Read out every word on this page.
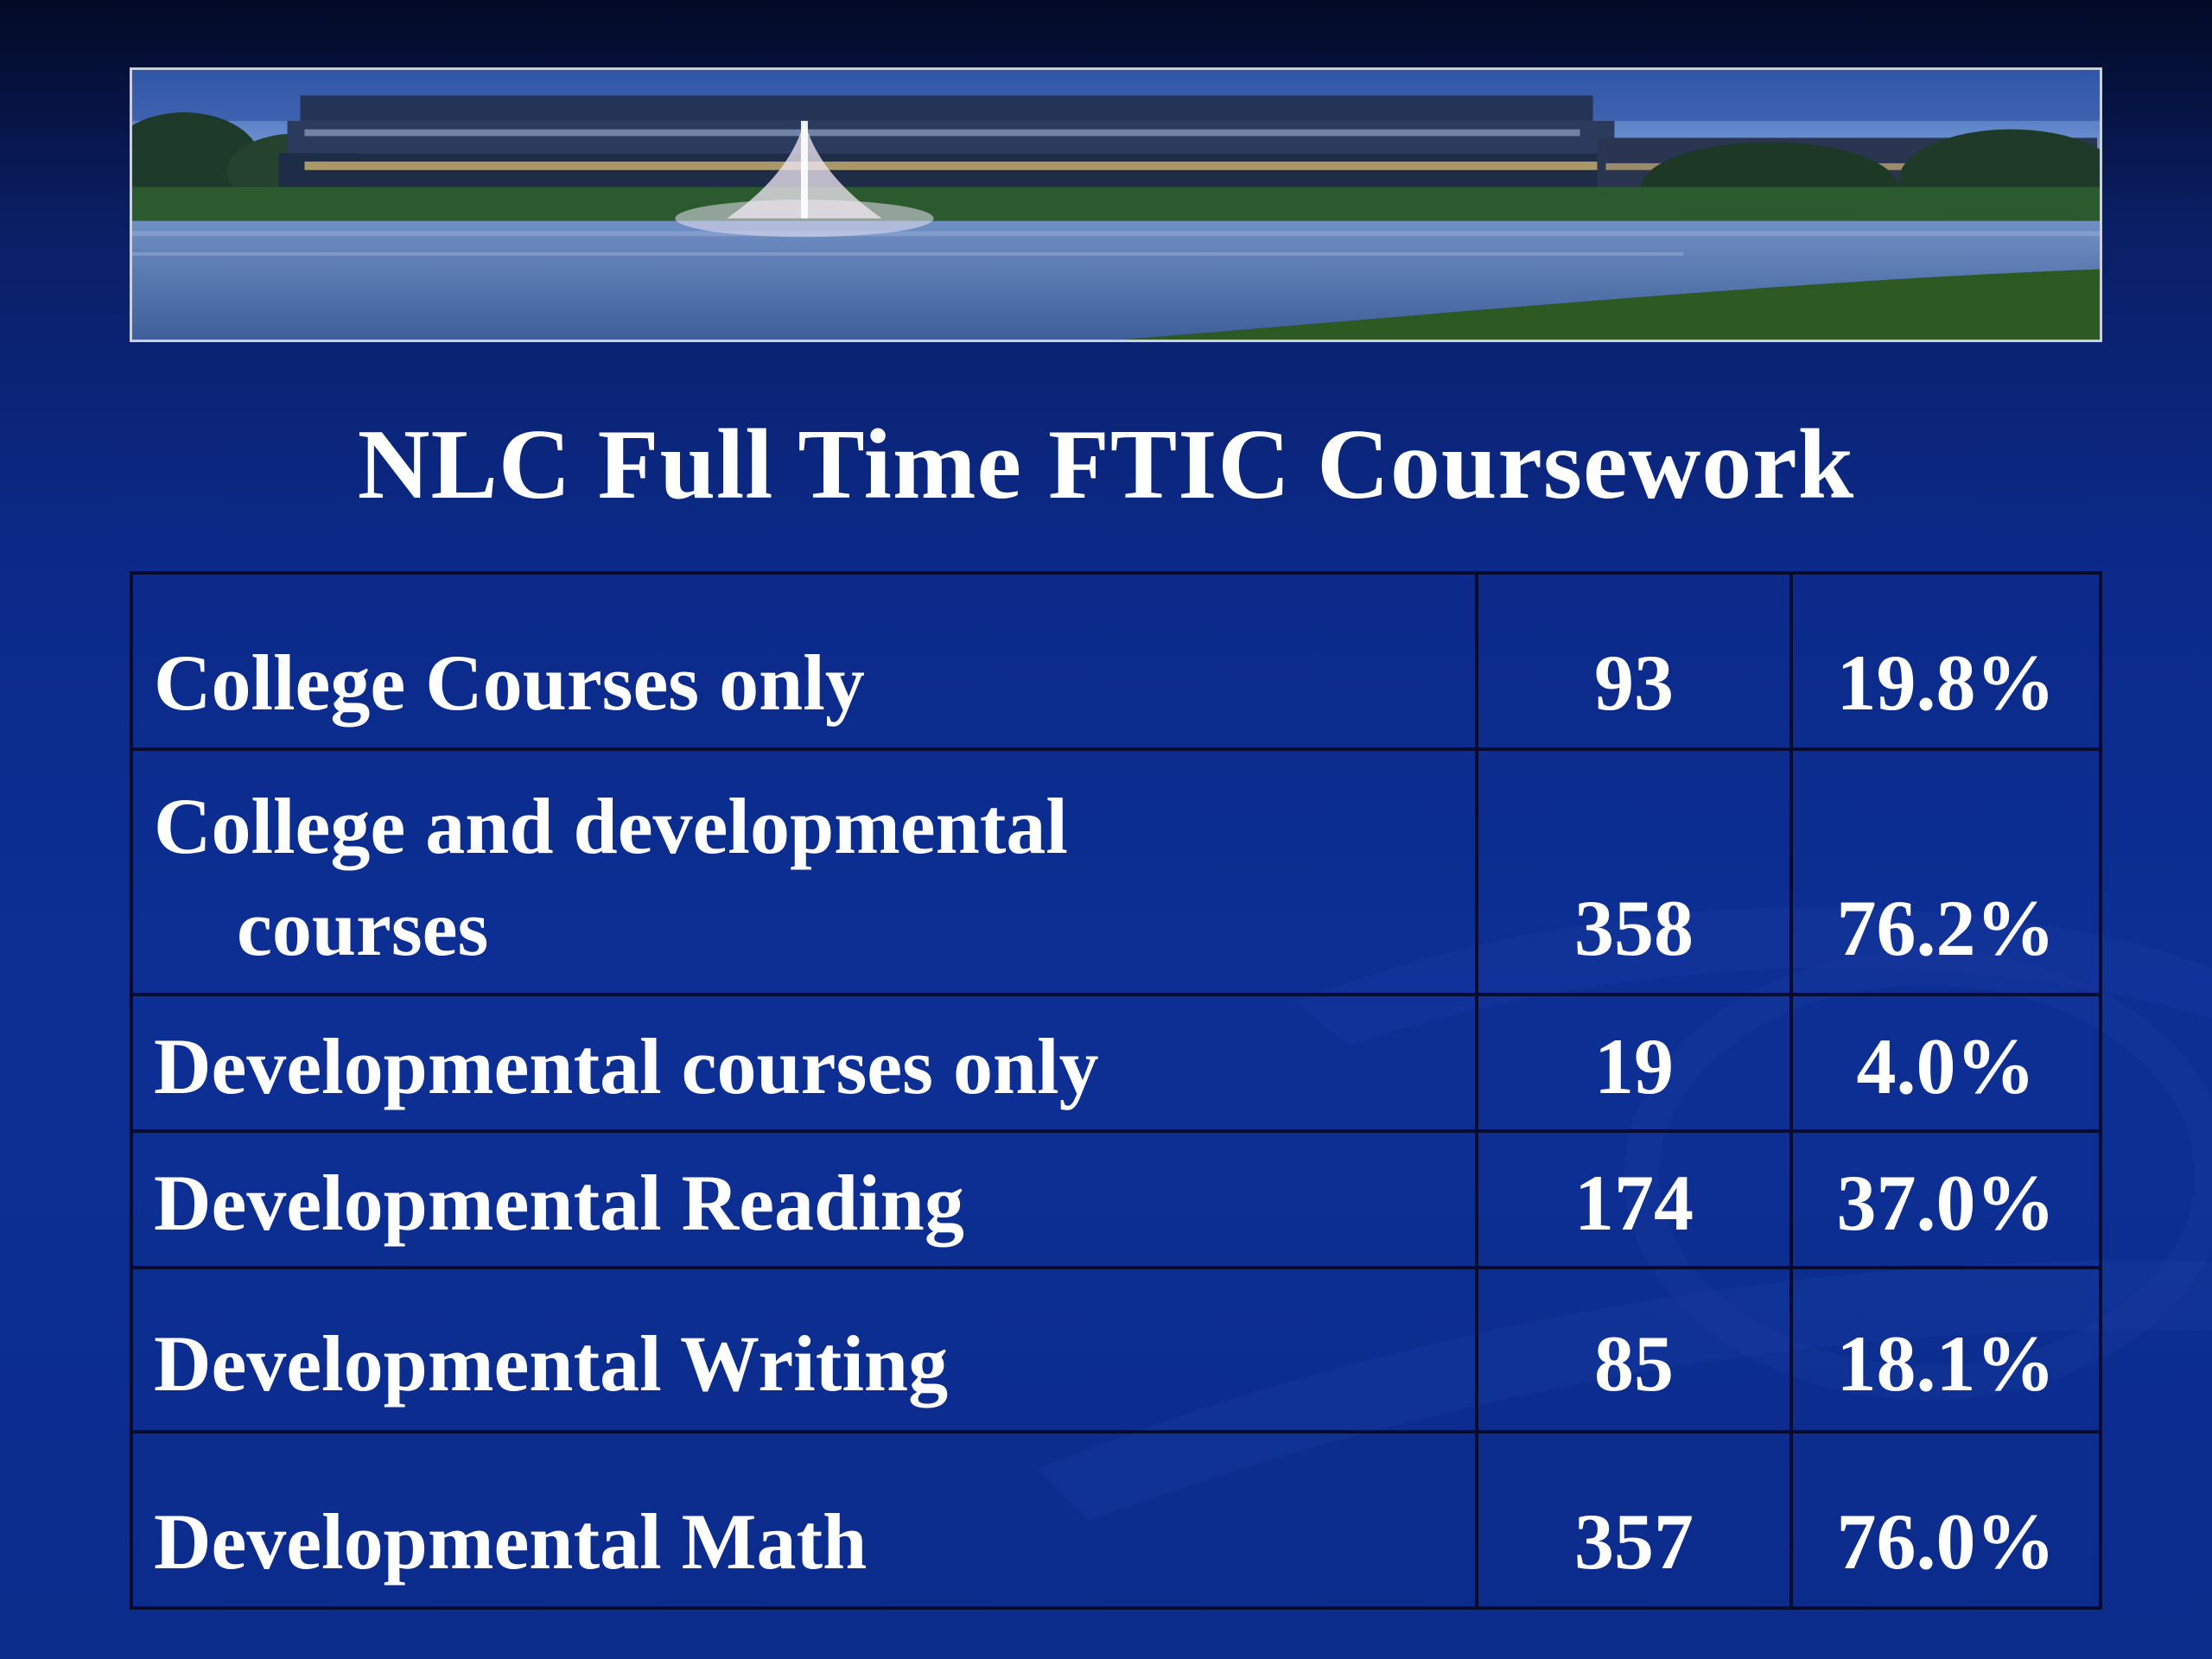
NLC Full Time FTIC Coursework
College Courses only	93	19.8%
College and developmental
courses	358	76.2%
Developmental courses only	19	4.0%
Developmental Reading	174	37.0%
Developmental Writing	85	18.1%
Developmental Math	357	76.0%
